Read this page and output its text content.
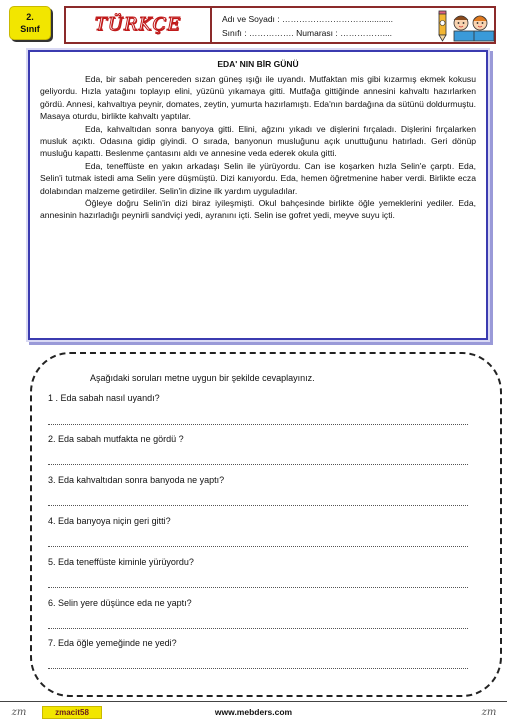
2.
Sınıf	TÜRKÇE	Adı ve Soyadı : …………………………...........
Sınıfı : ……………. Numarası : ……………....
EDA' NIN BİR GÜNÜ

Eda, bir sabah pencereden sızan güneş ışığı ile uyandı. Mutfaktan mis gibi kızarmış ekmek kokusu geliyordu. Hızla yatağını toplayıp elini, yüzünü yıkamaya gitti. Mutfağa gittiğinde annesini kahvaltı hazırlarken gördü. Annesi, kahvaltıya peynir, domates, zeytin, yumurta hazırlamıştı. Eda'nın bardağına da sütünü doldurmuştu. Masaya oturdu, birlikte kahvaltı yaptılar.

Eda, kahvaltıdan sonra banyoya gitti. Elini, ağzını yıkadı ve dişlerini fırçaladı. Dişlerini fırçalarken musluk açıktı. Odasına gidip giyindi. O sırada, banyonun musluğunu açık unuttuğunu hatırladı. Geri dönüp musluğu kapattı. Beslenme çantasını aldı ve annesine veda ederek okula gitti.

Eda, teneffüste en yakın arkadaşı Selin ile yürüyordu. Can ise koşarken hızla Selin'e çarptı. Eda, Selin'i tutmak istedi ama Selin yere düşmüştü. Dizi kanıyordu. Eda, hemen öğretmenine haber verdi. Birlikte ecza dolabından malzeme getirdiler. Selin'in dizine ilk yardım uyguladılar.

Öğleye doğru Selin'in dizi biraz iyileşmişti. Okul bahçesinde birlikte öğle yemeklerini yediler. Eda, annesinin hazırladığı peynirli sandviçi yedi, ayranını içti. Selin ise gofret yedi, meyve suyu içti.

Aşağıdaki soruları metne uygun bir şekilde cevaplayınız.
1 . Eda sabah nasıl uyandı?
2. Eda sabah mutfakta ne gördü ?
3. Eda kahvaltıdan sonra banyoda ne yaptı?
4. Eda banyoya niçin geri gitti?
5. Eda teneffüste kiminle yürüyordu?
6. Selin yere düşünce eda ne yaptı?
7. Eda öğle yemeğinde ne yedi?
zm	zmacit58	www.mebders.com	zm
